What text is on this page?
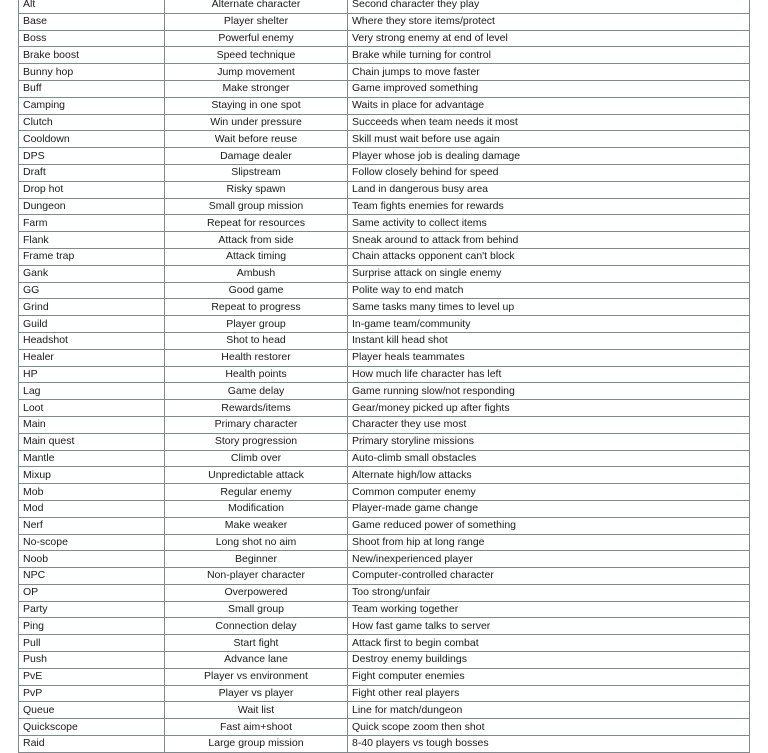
Alt	Alternate character	Second character they play
Base	Player shelter	Where they store items/protect
Boss	Powerful enemy	Very strong enemy at end of level
Brake boost	Speed technique	Brake while turning for control
Bunny hop	Jump movement	Chain jumps to move faster
Buff	Make stronger	Game improved something
Camping	Staying in one spot	Waits in place for advantage
Clutch	Win under pressure	Succeeds when team needs it most
Cooldown	Wait before reuse	Skill must wait before use again
DPS	Damage dealer	Player whose job is dealing damage
Draft	Slipstream	Follow closely behind for speed
Drop hot	Risky spawn	Land in dangerous busy area
Dungeon	Small group mission	Team fights enemies for rewards
Farm	Repeat for resources	Same activity to collect items
Flank	Attack from side	Sneak around to attack from behind
Frame trap	Attack timing	Chain attacks opponent can't block
Gank	Ambush	Surprise attack on single enemy
GG	Good game	Polite way to end match
Grind	Repeat to progress	Same tasks many times to level up
Guild	Player group	In-game team/community
Headshot	Shot to head	Instant kill head shot
Healer	Health restorer	Player heals teammates
HP	Health points	How much life character has left
Lag	Game delay	Game running slow/not responding
Loot	Rewards/items	Gear/money picked up after fights
Main	Primary character	Character they use most
Main quest	Story progression	Primary storyline missions
Mantle	Climb over	Auto-climb small obstacles
Mixup	Unpredictable attack	Alternate high/low attacks
Mob	Regular enemy	Common computer enemy
Mod	Modification	Player-made game change
Nerf	Make weaker	Game reduced power of something
No-scope	Long shot no aim	Shoot from hip at long range
Noob	Beginner	New/inexperienced player
NPC	Non-player character	Computer-controlled character
OP	Overpowered	Too strong/unfair
Party	Small group	Team working together
Ping	Connection delay	How fast game talks to server
Pull	Start fight	Attack first to begin combat
Push	Advance lane	Destroy enemy buildings
PvE	Player vs environment	Fight computer enemies
PvP	Player vs player	Fight other real players
Queue	Wait list	Line for match/dungeon
Quickscope	Fast aim+shoot	Quick scope zoom then shot
Raid	Large group mission	8-40 players vs tough bosses
